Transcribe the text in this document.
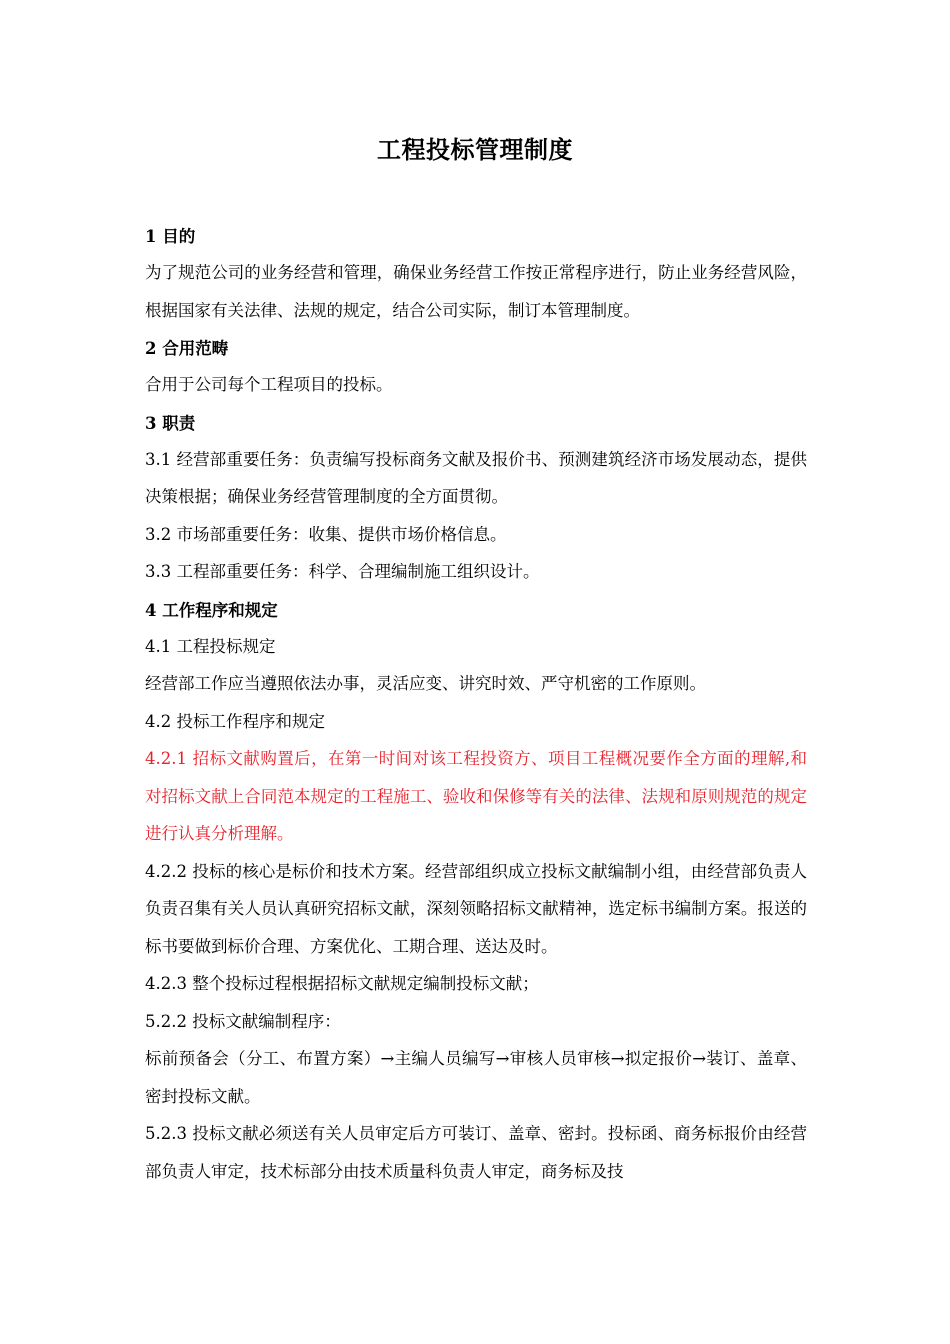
工程投标管理制度

1 目的

为了规范公司的业务经营和管理，确保业务经营工作按正常程序进行，防止业务经营风险，根据国家有关法律、法规的规定，结合公司实际，制订本管理制度。

2 合用范畴

合用于公司每个工程项目的投标。

3 职责

3.1 经营部重要任务：负责编写投标商务文献及报价书、预测建筑经济市场发展动态，提供决策根据；确保业务经营管理制度的全方面贯彻。

3.2 市场部重要任务：收集、提供市场价格信息。

3.3 工程部重要任务：科学、合理编制施工组织设计。

4 工作程序和规定

4.1 工程投标规定

经营部工作应当遵照依法办事，灵活应变、讲究时效、严守机密的工作原则。

4.2 投标工作程序和规定

4.2.1 招标文献购置后，在第一时间对该工程投资方、项目工程概况要作全方面的理解,和对招标文献上合同范本规定的工程施工、验收和保修等有关的法律、法规和原则规范的规定进行认真分析理解。

4.2.2 投标的核心是标价和技术方案。经营部组织成立投标文献编制小组，由经营部负责人负责召集有关人员认真研究招标文献，深刻领略招标文献精神，选定标书编制方案。报送的标书要做到标价合理、方案优化、工期合理、送达及时。

4.2.3 整个投标过程根据招标文献规定编制投标文献；

5.2.2 投标文献编制程序：

标前预备会（分工、布置方案）→主编人员编写→审核人员审核→拟定报价→装订、盖章、密封投标文献。

5.2.3 投标文献必须送有关人员审定后方可装订、盖章、密封。投标函、商务标报价由经营部负责人审定，技术标部分由技术质量科负责人审定，商务标及技
